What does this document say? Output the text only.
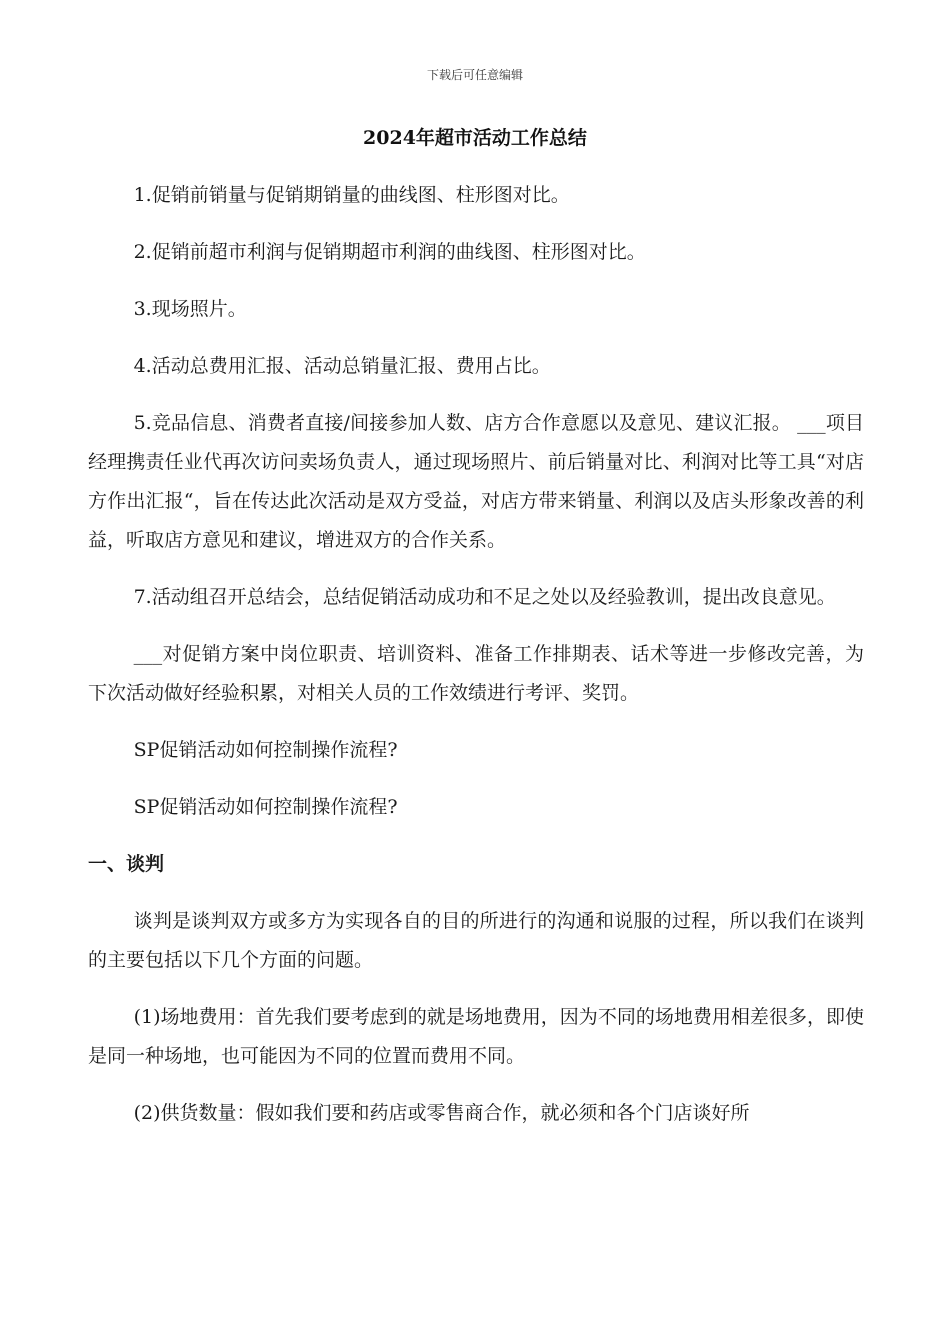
下载后可任意编辑
2024年超市活动工作总结

1.促销前销量与促销期销量的曲线图、柱形图对比。

2.促销前超市利润与促销期超市利润的曲线图、柱形图对比。

3.现场照片。

4.活动总费用汇报、活动总销量汇报、费用占比。

5.竞品信息、消费者直接/间接参加人数、店方合作意愿以及意见、建议汇报。 ___项目经理携责任业代再次访问卖场负责人，通过现场照片、前后销量对比、利润对比等工具“对店方作出汇报“，旨在传达此次活动是双方受益，对店方带来销量、利润以及店头形象改善的利益，听取店方意见和建议，增进双方的合作关系。

7.活动组召开总结会，总结促销活动成功和不足之处以及经验教训，提出改良意见。

___对促销方案中岗位职责、培训资料、准备工作排期表、话术等进一步修改完善，为下次活动做好经验积累，对相关人员的工作效绩进行考评、奖罚。

SP促销活动如何控制操作流程?

SP促销活动如何控制操作流程?

一、谈判

谈判是谈判双方或多方为实现各自的目的所进行的沟通和说服的过程，所以我们在谈判的主要包括以下几个方面的问题。

(1)场地费用：首先我们要考虑到的就是场地费用，因为不同的场地费用相差很多，即使是同一种场地，也可能因为不同的位置而费用不同。

(2)供货数量：假如我们要和药店或零售商合作，就必须和各个门店谈好所
